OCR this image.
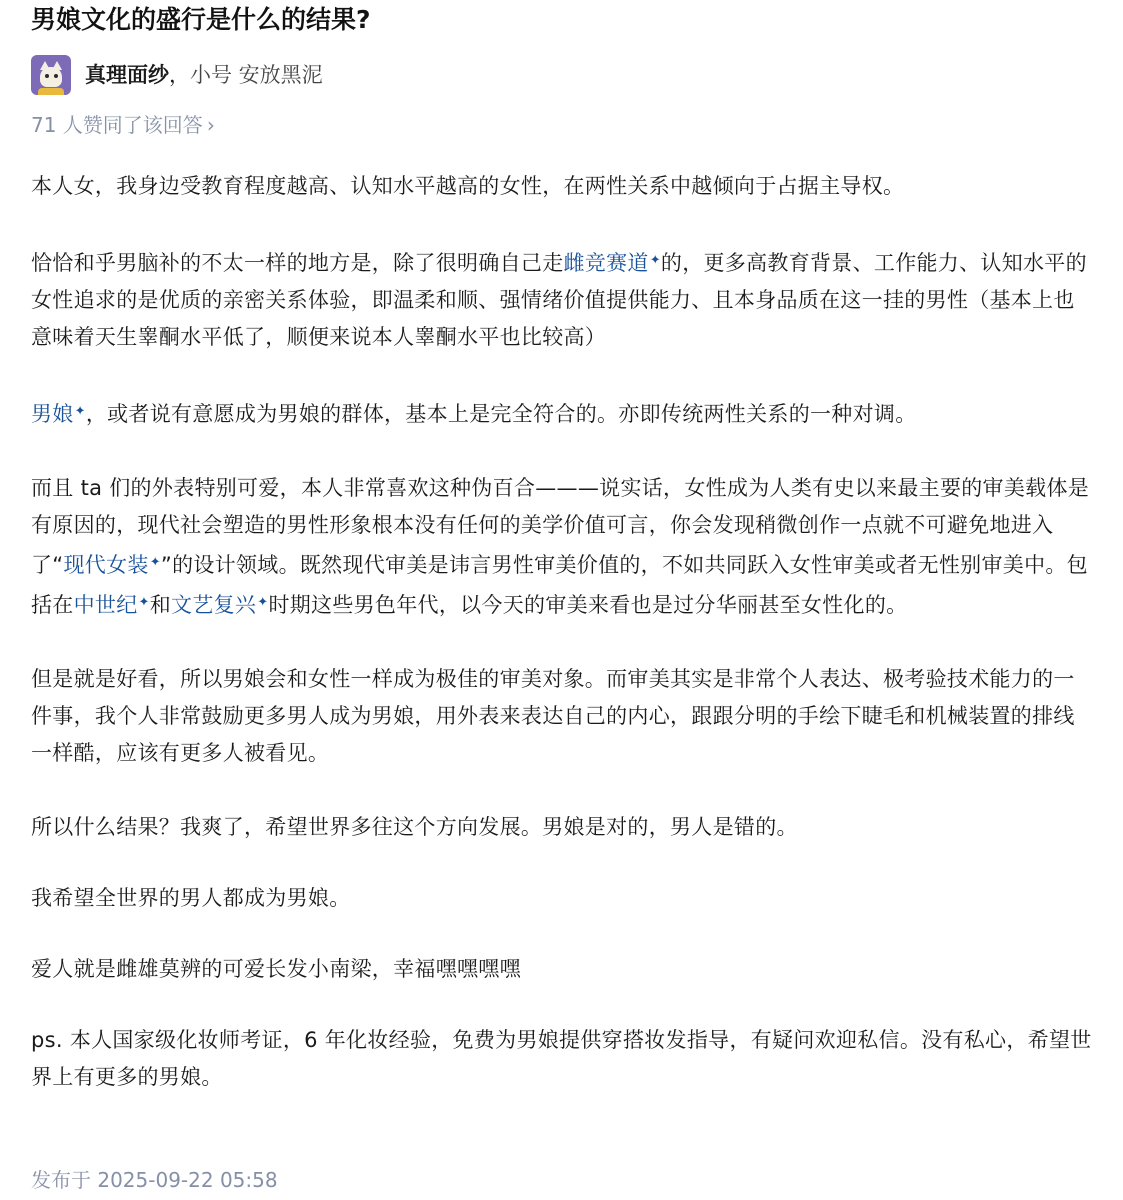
男娘文化的盛行是什么的结果?
真理面纱，小号 安放黑泥
71 人赞同了该回答 ›

本人女，我身边受教育程度越高、认知水平越高的女性，在两性关系中越倾向于占据主导权。

恰恰和乎男脑补的不太一样的地方是，除了很明确自己走雌竞赛道✦的，更多高教育背景、工作能力、认知水平的女性追求的是优质的亲密关系体验，即温柔和顺、强情绪价值提供能力、且本身品质在这一挂的男性（基本上也意味着天生睾酮水平低了，顺便来说本人睾酮水平也比较高）

男娘✦，或者说有意愿成为男娘的群体，基本上是完全符合的。亦即传统两性关系的一种对调。

而且 ta 们的外表特别可爱，本人非常喜欢这种伪百合———说实话，女性成为人类有史以来最主要的审美载体是有原因的，现代社会塑造的男性形象根本没有任何的美学价值可言，你会发现稍微创作一点就不可避免地进入了“现代女装✦”的设计领域。既然现代审美是讳言男性审美价值的，不如共同跃入女性审美或者无性别审美中。包括在中世纪✦和文艺复兴✦时期这些男色年代，以今天的审美来看也是过分华丽甚至女性化的。

但是就是好看，所以男娘会和女性一样成为极佳的审美对象。而审美其实是非常个人表达、极考验技术能力的一件事，我个人非常鼓励更多男人成为男娘，用外表来表达自己的内心，跟跟分明的手绘下睫毛和机械装置的排线一样酷，应该有更多人被看见。

所以什么结果？我爽了，希望世界多往这个方向发展。男娘是对的，男人是错的。

我希望全世界的男人都成为男娘。

爱人就是雌雄莫辨的可爱长发小南梁，幸福嘿嘿嘿嘿

ps. 本人国家级化妆师考证，6 年化妆经验，免费为男娘提供穿搭妆发指导，有疑问欢迎私信。没有私心，希望世界上有更多的男娘。

发布于 2025-09-22 05:58
